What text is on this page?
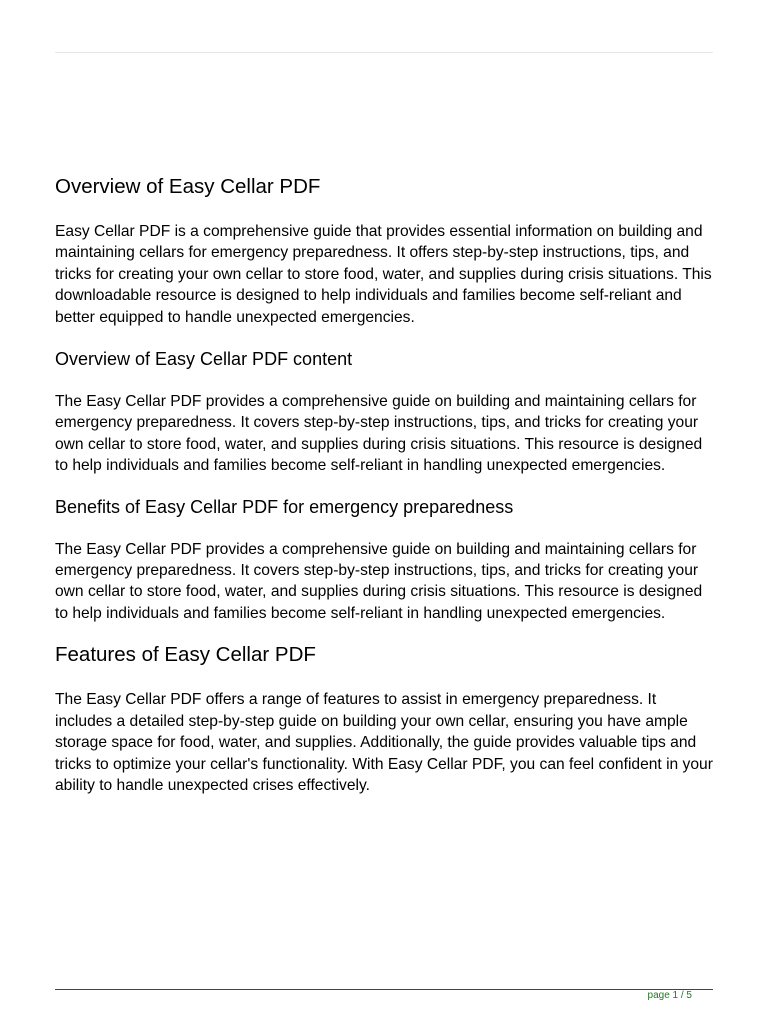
Overview of Easy Cellar PDF

Easy Cellar PDF is a comprehensive guide that provides essential information on building and maintaining cellars for emergency preparedness. It offers step-by-step instructions, tips, and tricks for creating your own cellar to store food, water, and supplies during crisis situations. This downloadable resource is designed to help individuals and families become self-reliant and better equipped to handle unexpected emergencies.

Overview of Easy Cellar PDF content

The Easy Cellar PDF provides a comprehensive guide on building and maintaining cellars for emergency preparedness. It covers step-by-step instructions, tips, and tricks for creating your own cellar to store food, water, and supplies during crisis situations. This resource is designed to help individuals and families become self-reliant in handling unexpected emergencies.

Benefits of Easy Cellar PDF for emergency preparedness

The Easy Cellar PDF provides a comprehensive guide on building and maintaining cellars for emergency preparedness. It covers step-by-step instructions, tips, and tricks for creating your own cellar to store food, water, and supplies during crisis situations. This resource is designed to help individuals and families become self-reliant in handling unexpected emergencies.

Features of Easy Cellar PDF

The Easy Cellar PDF offers a range of features to assist in emergency preparedness. It includes a detailed step-by-step guide on building your own cellar, ensuring you have ample storage space for food, water, and supplies. Additionally, the guide provides valuable tips and tricks to optimize your cellar's functionality. With Easy Cellar PDF, you can feel confident in your ability to handle unexpected crises effectively.

page 1 / 5
